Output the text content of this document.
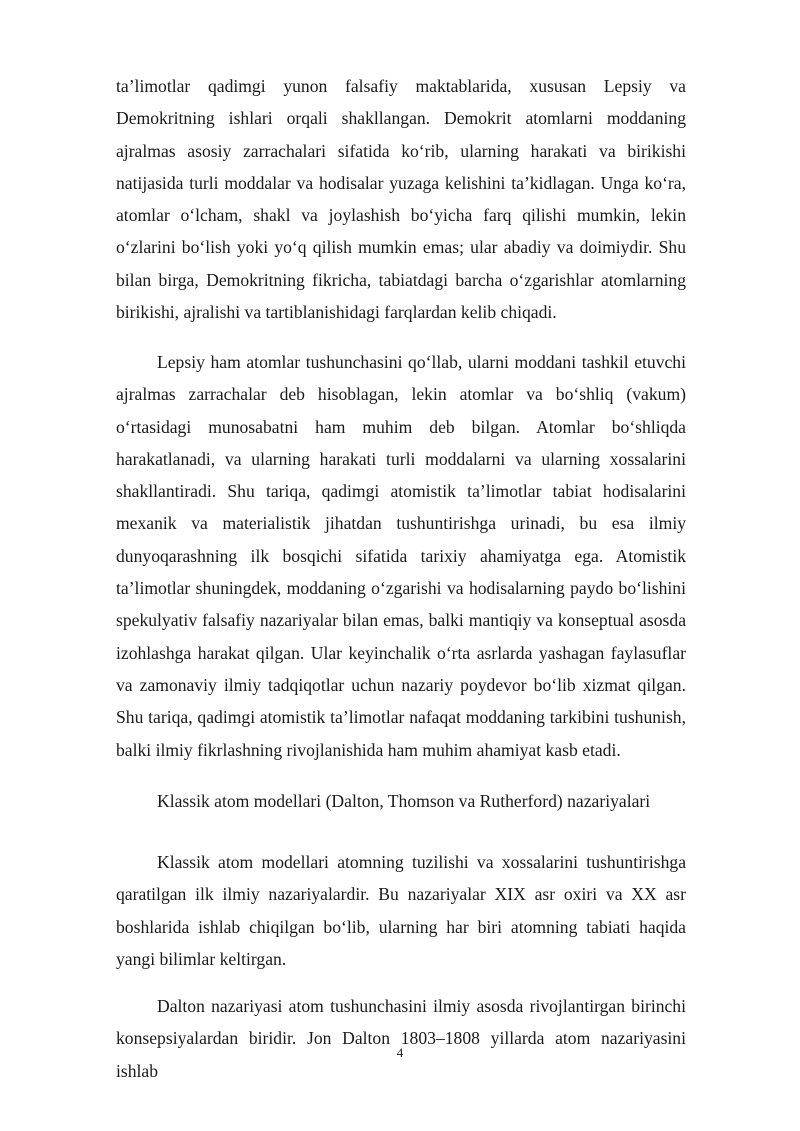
ta’limotlar qadimgi yunon falsafiy maktablarida, xususan Lepsiy va Demokritning ishlari orqali shakllangan. Demokrit atomlarni moddaning ajralmas asosiy zarrachalari sifatida ko‘rib, ularning harakati va birikishi natijasida turli moddalar va hodisalar yuzaga kelishini ta’kidlagan. Unga ko‘ra, atomlar o‘lcham, shakl va joylashish bo‘yicha farq qilishi mumkin, lekin o‘zlarini bo‘lish yoki yo‘q qilish mumkin emas; ular abadiy va doimiydir. Shu bilan birga, Demokritning fikricha, tabiatdagi barcha o‘zgarishlar atomlarning birikishi, ajralishi va tartiblanishidagi farqlardan kelib chiqadi.

Lepsiy ham atomlar tushunchasini qo‘llab, ularni moddani tashkil etuvchi ajralmas zarrachalar deb hisoblagan, lekin atomlar va bo‘shliq (vakum) o‘rtasidagi munosabatni ham muhim deb bilgan. Atomlar bo‘shliqda harakatlanadi, va ularning harakati turli moddalarni va ularning xossalarini shakllantiradi. Shu tariqa, qadimgi atomistik ta’limotlar tabiat hodisalarini mexanik va materialistik jihatdan tushuntirishga urinadi, bu esa ilmiy dunyoqarashning ilk bosqichi sifatida tarixiy ahamiyatga ega. Atomistik ta’limotlar shuningdek, moddaning o‘zgarishi va hodisalarning paydo bo‘lishini spekulyativ falsafiy nazariyalar bilan emas, balki mantiqiy va konseptual asosda izohlashga harakat qilgan. Ular keyinchalik o‘rta asrlarda yashagan faylasuflar va zamonaviy ilmiy tadqiqotlar uchun nazariy poydevor bo‘lib xizmat qilgan. Shu tariqa, qadimgi atomistik ta’limotlar nafaqat moddaning tarkibini tushunish, balki ilmiy fikrlashning rivojlanishida ham muhim ahamiyat kasb etadi.

Klassik atom modellari (Dalton, Thomson va Rutherford) nazariyalari

Klassik atom modellari atomning tuzilishi va xossalarini tushuntirishga qaratilgan ilk ilmiy nazariyalardir. Bu nazariyalar XIX asr oxiri va XX asr boshlarida ishlab chiqilgan bo‘lib, ularning har biri atomning tabiati haqida yangi bilimlar keltirgan.

Dalton nazariyasi atom tushunchasini ilmiy asosda rivojlantirgan birinchi konsepsiyalardan biridir. Jon Dalton 1803–1808 yillarda atom nazariyasini ishlab

4
